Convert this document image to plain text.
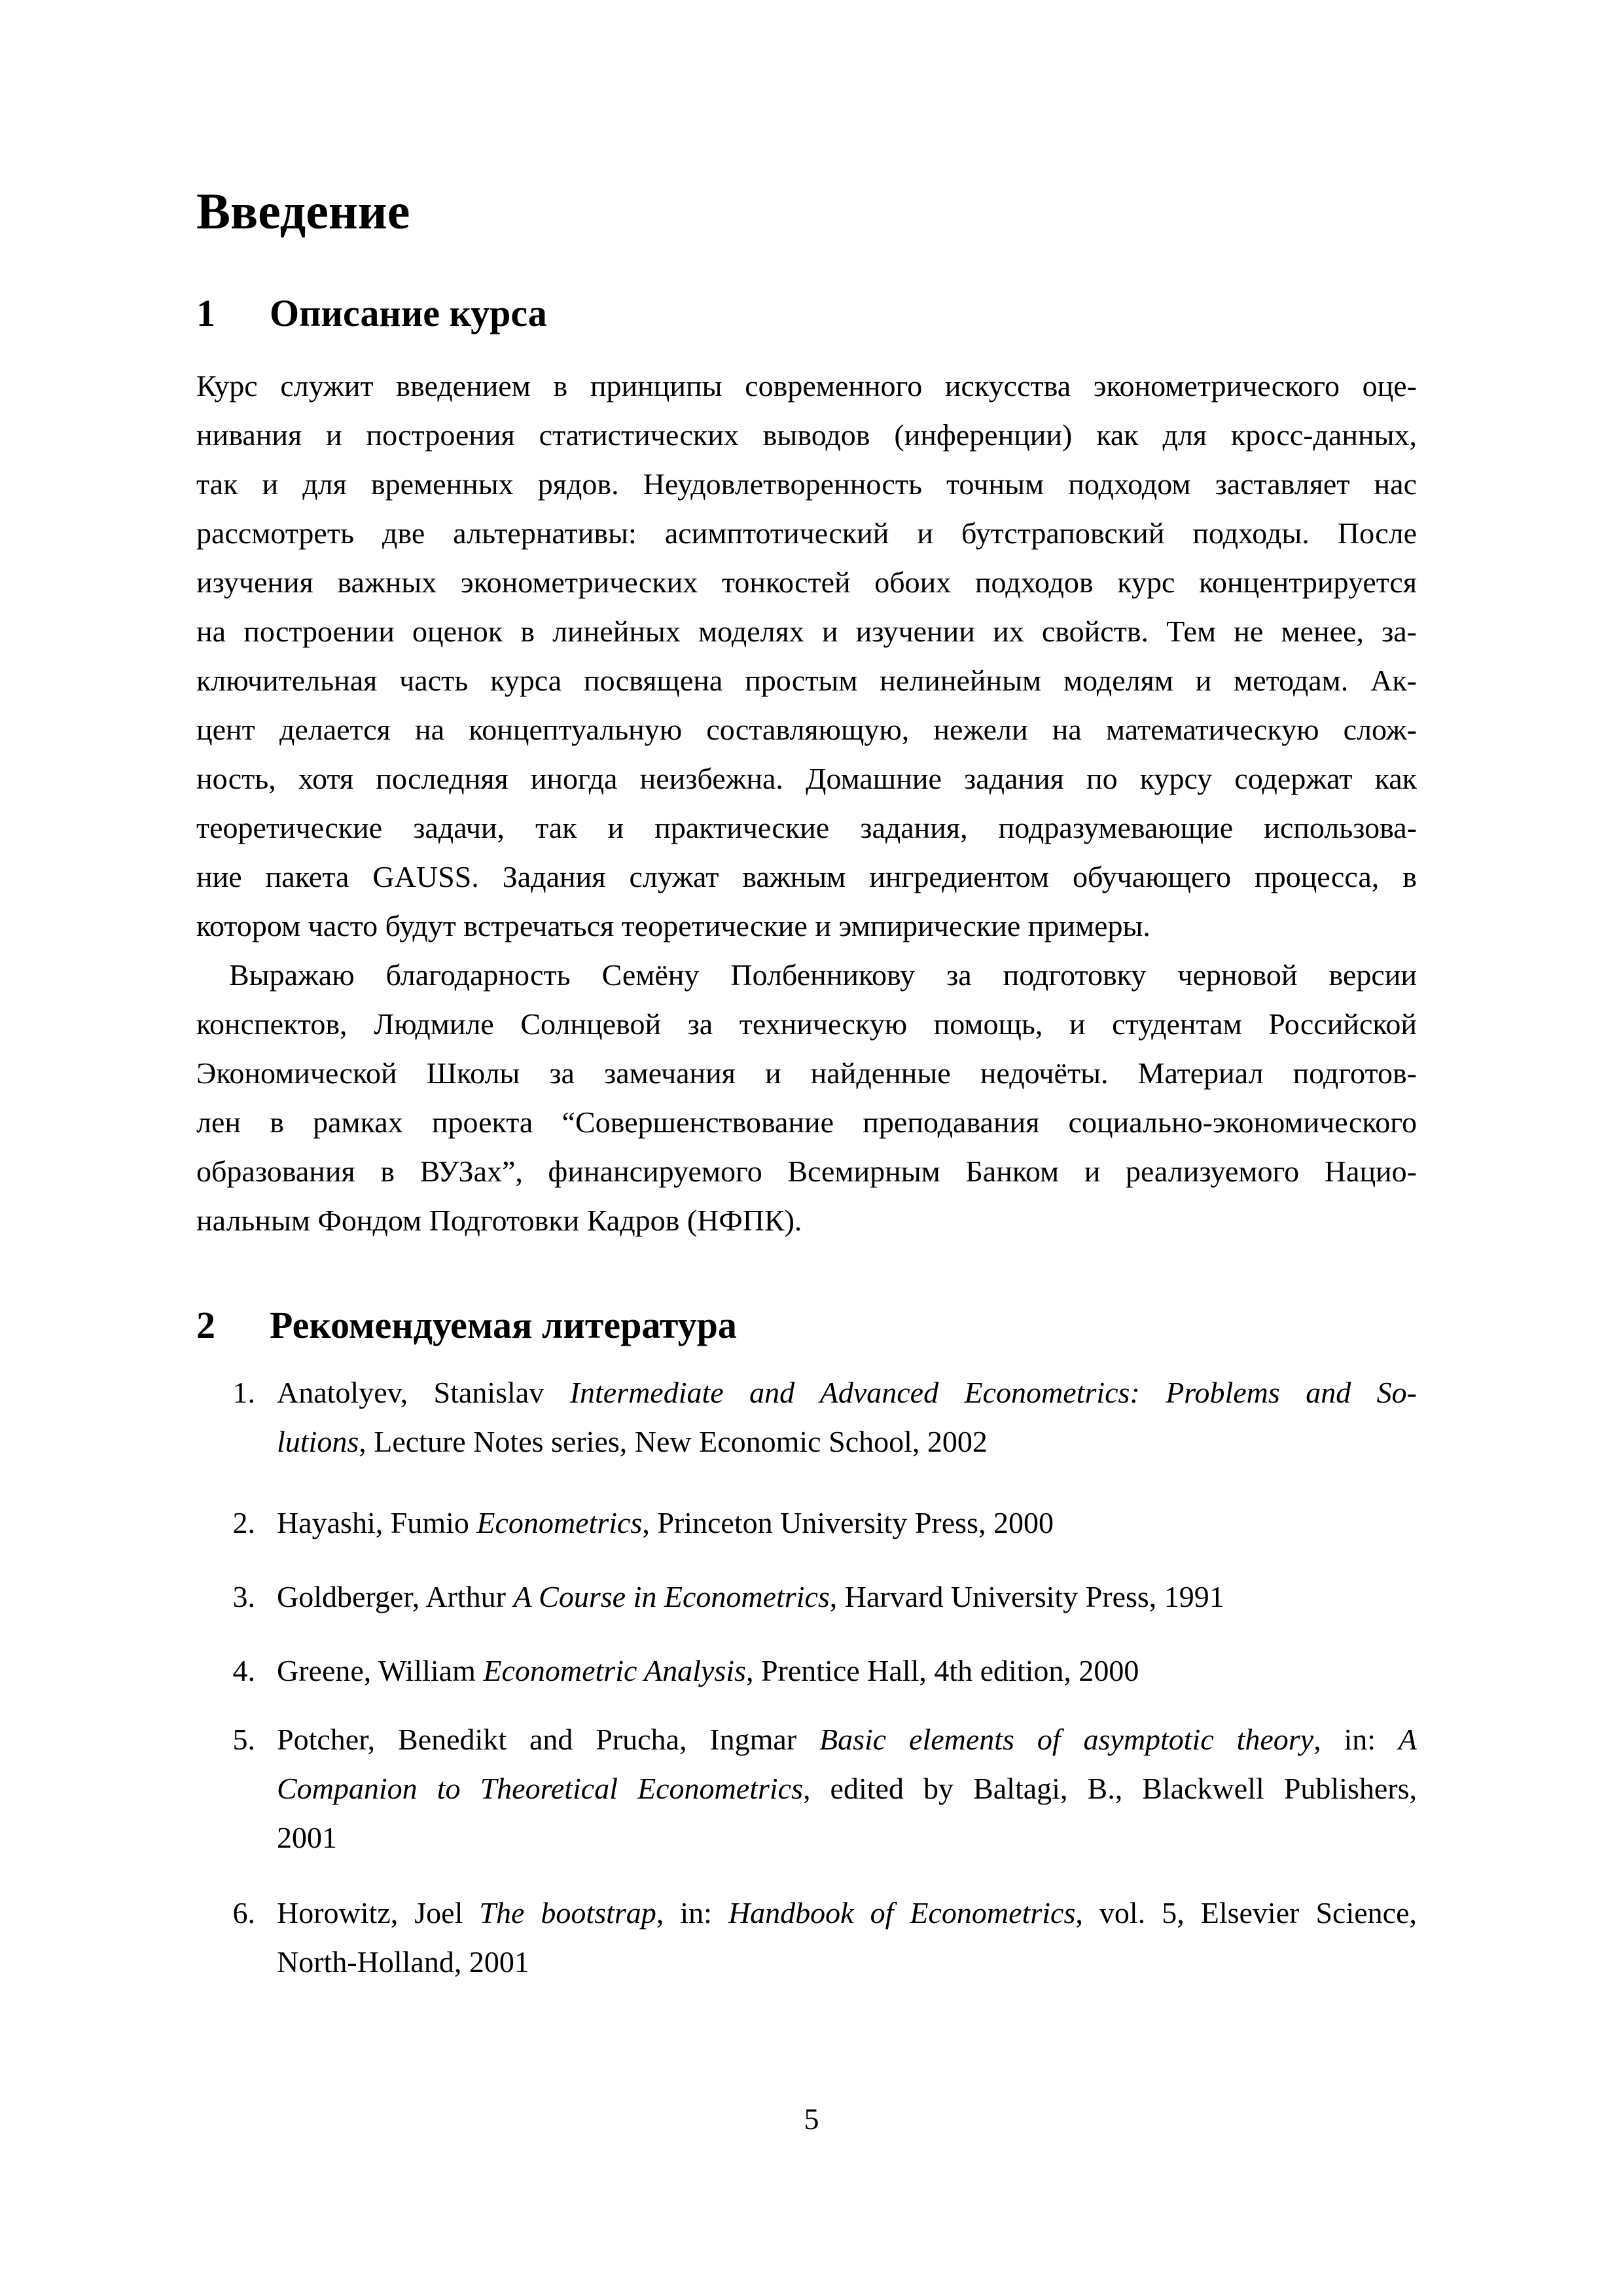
Введение
1 Описание курса
Курс служит введением в принципы современного искусства эконометрического оце-
нивания и построения статистических выводов (инференции) как для кросс-данных,
так и для временных рядов. Неудовлетворенность точным подходом заставляет нас
рассмотреть две альтернативы: асимптотический и бутстраповский подходы. После
изучения важных эконометрических тонкостей обоих подходов курс концентрируется
на построении оценок в линейных моделях и изучении их свойств. Тем не менее, за-
ключительная часть курса посвящена простым нелинейным моделям и методам. Ак-
цент делается на концептуальную составляющую, нежели на математическую слож-
ность, хотя последняя иногда неизбежна. Домашние задания по курсу содержат как
теоретические задачи, так и практические задания, подразумевающие использова-
ние пакета GAUSS. Задания служат важным ингредиентом обучающего процесса, в
котором часто будут встречаться теоретические и эмпирические примеры.
Выражаю благодарность Семёну Полбенникову за подготовку черновой версии
конспектов, Людмиле Солнцевой за техническую помощь, и студентам Российской
Экономической Школы за замечания и найденные недочёты. Материал подготов-
лен в рамках проекта “Совершенствование преподавания социально-экономического
образования в ВУЗах”, финансируемого Всемирным Банком и реализуемого Нацио-
нальным Фондом Подготовки Кадров (НФПК).
2 Рекомендуемая литература
1. Anatolyev, Stanislav Intermediate and Advanced Econometrics: Problems and So-
lutions, Lecture Notes series, New Economic School, 2002
2. Hayashi, Fumio Econometrics, Princeton University Press, 2000
3. Goldberger, Arthur A Course in Econometrics, Harvard University Press, 1991
4. Greene, William Econometric Analysis, Prentice Hall, 4th edition, 2000
5. Potcher, Benedikt and Prucha, Ingmar Basic elements of asymptotic theory, in: A
Companion to Theoretical Econometrics, edited by Baltagi, B., Blackwell Publishers,
2001
6. Horowitz, Joel The bootstrap, in: Handbook of Econometrics, vol. 5, Elsevier Science,
North-Holland, 2001
5
